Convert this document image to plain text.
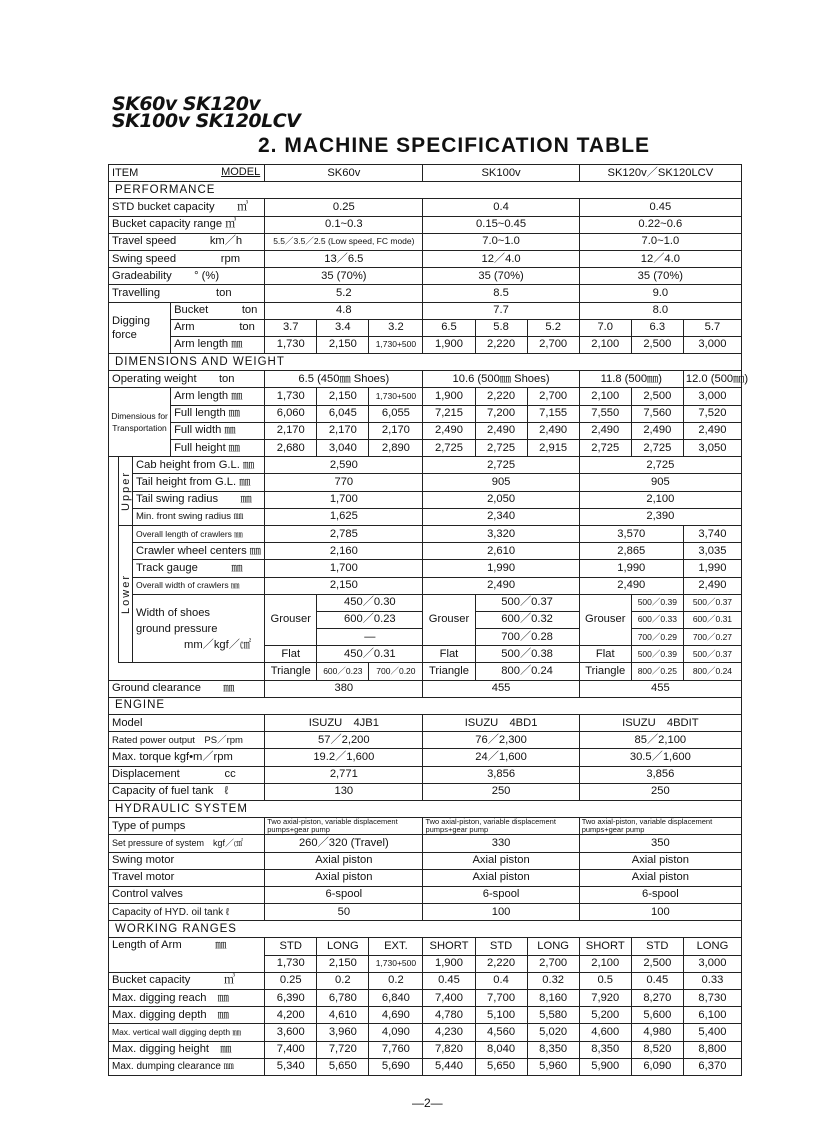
SK60v SK120v
SK100v SK120LCV
2. MACHINE SPECIFICATION TABLE
ITEM MODEL				SK60v			SK100v			SK120v／SK120LCV		
PERFORMANCE												
STD bucket capacity　　㎥				0.25			0.4			0.45		
Bucket capacity range ㎥				0.1~0.3			0.15~0.45			0.22~0.6		
Travel speed　　　km／h				5.5／3.5／2.5 (Low speed, FC mode)			7.0~1.0			7.0~1.0		
Swing speed　　　　rpm				13／6.5			12／4.0			12／4.0		
Gradeability　　° (%)				35 (70%)			35 (70%)			35 (70%)		
Travelling　　　　　ton				5.2			8.5			9.0		
Digging force			Bucket　　　ton	4.8			7.7			8.0		
			Arm　　　　ton	3.7	3.4	3.2	6.5	5.8	5.2	7.0	6.3	5.7
			Arm length ㎜	1,730	2,150	1,730+500	1,900	2,220	2,700	2,100	2,500	3,000
DIMENSIONS AND WEIGHT												
Operating weight　　ton				6.5 (450㎜ Shoes)			10.6 (500㎜ Shoes)			11.8 (500㎜)		12.0 (500㎜)
Dimensious for Transportation			Arm length ㎜	1,730	2,150	1,730+500	1,900	2,220	2,700	2,100	2,500	3,000
			Full length ㎜	6,060	6,045	6,055	7,215	7,200	7,155	7,550	7,560	7,520
			Full width ㎜	2,170	2,170	2,170	2,490	2,490	2,490	2,490	2,490	2,490
			Full height ㎜	2,680	3,040	2,890	2,725	2,725	2,915	2,725	2,725	3,050

	Upper	Cab height from G.L. ㎜		2,590			2,725			2,725		
		Tail height from G.L. ㎜		770			905			905		
		Tail swing radius　　㎜		1,700			2,050			2,100		
		Min. front swing radius ㎜		1,625			2,340			2,390		

	Lower	Overall length of crawlers ㎜		2,785			3,320			3,570		3,740
		Crawler wheel centers ㎜		2,160			2,610			2,865		3,035
		Track gauge　　　㎜		1,700			1,990			1,990		1,990
		Overall width of crawlers ㎜		2,150			2,490			2,490		2,490

		Width of shoes
ground pressure
mm／kgf／㎠		Grouser	450／0.30		Grouser	500／0.37		Grouser	500／0.39	500／0.37
					600／0.23			600／0.32			600／0.33	600／0.31
					—			700／0.28			700／0.29	700／0.27
				Flat	450／0.31		Flat	500／0.38		Flat	500／0.39	500／0.37
				Triangle	600／0.23	700／0.20	Triangle	800／0.24		Triangle	800／0.25	800／0.24
Ground clearance　　㎜				380			455			455		
ENGINE												
Model				ISUZU　4JB1			ISUZU　4BD1			ISUZU　4BDIT		
Rated power output　PS／rpm				57／2,200			76／2,300			85／2,100		
Max. torque kgf•m／rpm				19.2／1,600			24／1,600			30.5／1,600		
Displacement　　　　cc				2,771			3,856			3,856		
Capacity of fuel tank　ℓ				130			250			250		
HYDRAULIC SYSTEM												
Type of pumps				Two axial-piston, variable displacement pumps+gear pump			Two axial-piston, variable displacement pumps+gear pump			Two axial-piston, variable displacement pumps+gear pump		
Set pressure of system　kgf／㎠				260／320 (Travel)			330			350		
Swing motor				Axial piston			Axial piston			Axial piston		
Travel motor				Axial piston			Axial piston			Axial piston		
Control valves				6-spool			6-spool			6-spool		
Capacity of HYD. oil tank ℓ				50			100			100		
WORKING RANGES												
Length of Arm　　　㎜				STD	LONG	EXT.	SHORT	STD	LONG	SHORT	STD	LONG
				1,730	2,150	1,730+500	1,900	2,220	2,700	2,100	2,500	3,000
Bucket capacity　　　㎥				0.25	0.2	0.2	0.45	0.4	0.32	0.5	0.45	0.33
Max. digging reach　㎜				6,390	6,780	6,840	7,400	7,700	8,160	7,920	8,270	8,730
Max. digging depth　㎜				4,200	4,610	4,690	4,780	5,100	5,580	5,200	5,600	6,100
Max. vertical wall digging depth ㎜				3,600	3,960	4,090	4,230	4,560	5,020	4,600	4,980	5,400
Max. digging height　㎜				7,400	7,720	7,760	7,820	8,040	8,350	8,350	8,520	8,800
Max. dumping clearance ㎜				5,340	5,650	5,690	5,440	5,650	5,960	5,900	6,090	6,370
—2—
